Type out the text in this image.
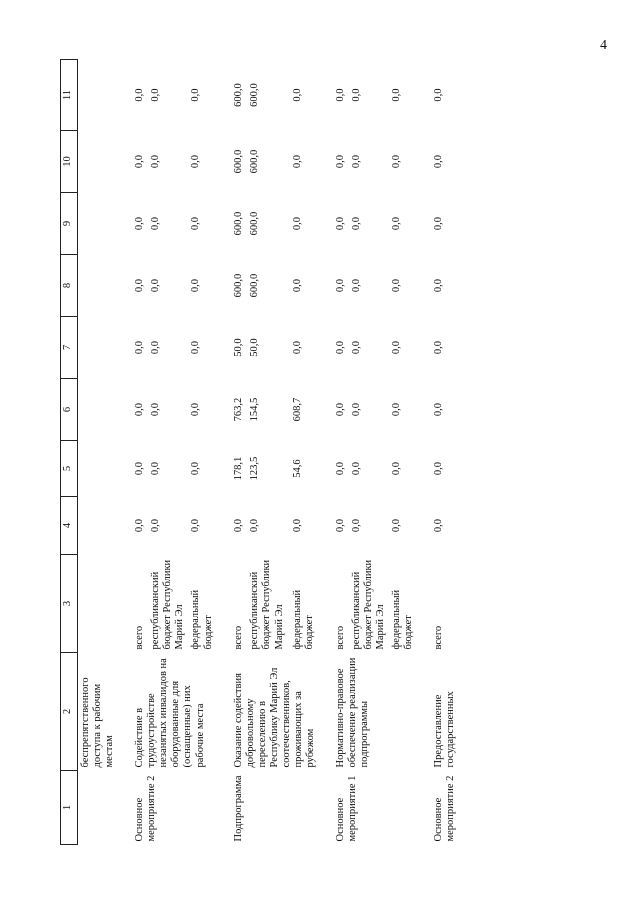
4
1	2	3	4	5	6	7	8	9	10	11
	беспрепятственного доступа к рабочим местам									

Основное мероприятие 2	Содействие в трудоустройстве незанятых инвалидов на оборудованные для (оснащенные) них рабочие места	всего	0,0	0,0	0,0	0,0	0,0	0,0	0,0	0,0
		республиканский бюджет Республики Марий Эл	0,0	0,0	0,0	0,0	0,0	0,0	0,0	0,0
		федеральный бюджет	0,0	0,0	0,0	0,0	0,0	0,0	0,0	0,0

Подпрограмма	Оказание содействия добровольному переселению в Республику Марий Эл соотечественников, проживающих за рубежом	всего	0,0	178,1	763,2	50,0	600,0	600,0	600,0	600,0
		республиканский бюджет Республики Марий Эл	0,0	123,5	154,5	50,0	600,0	600,0	600,0	600,0
		федеральный бюджет	0,0	54,6	608,7	0,0	0,0	0,0	0,0	0,0

Основное мероприятие 1	Нормативно-правовое обеспечение реализации подпрограммы	всего	0,0	0,0	0,0	0,0	0,0	0,0	0,0	0,0
		республиканский бюджет Республики Марий Эл	0,0	0,0	0,0	0,0	0,0	0,0	0,0	0,0
		федеральный бюджет	0,0	0,0	0,0	0,0	0,0	0,0	0,0	0,0

Основное мероприятие 2	Предоставление государственных	всего	0,0	0,0	0,0	0,0	0,0	0,0	0,0	0,0
